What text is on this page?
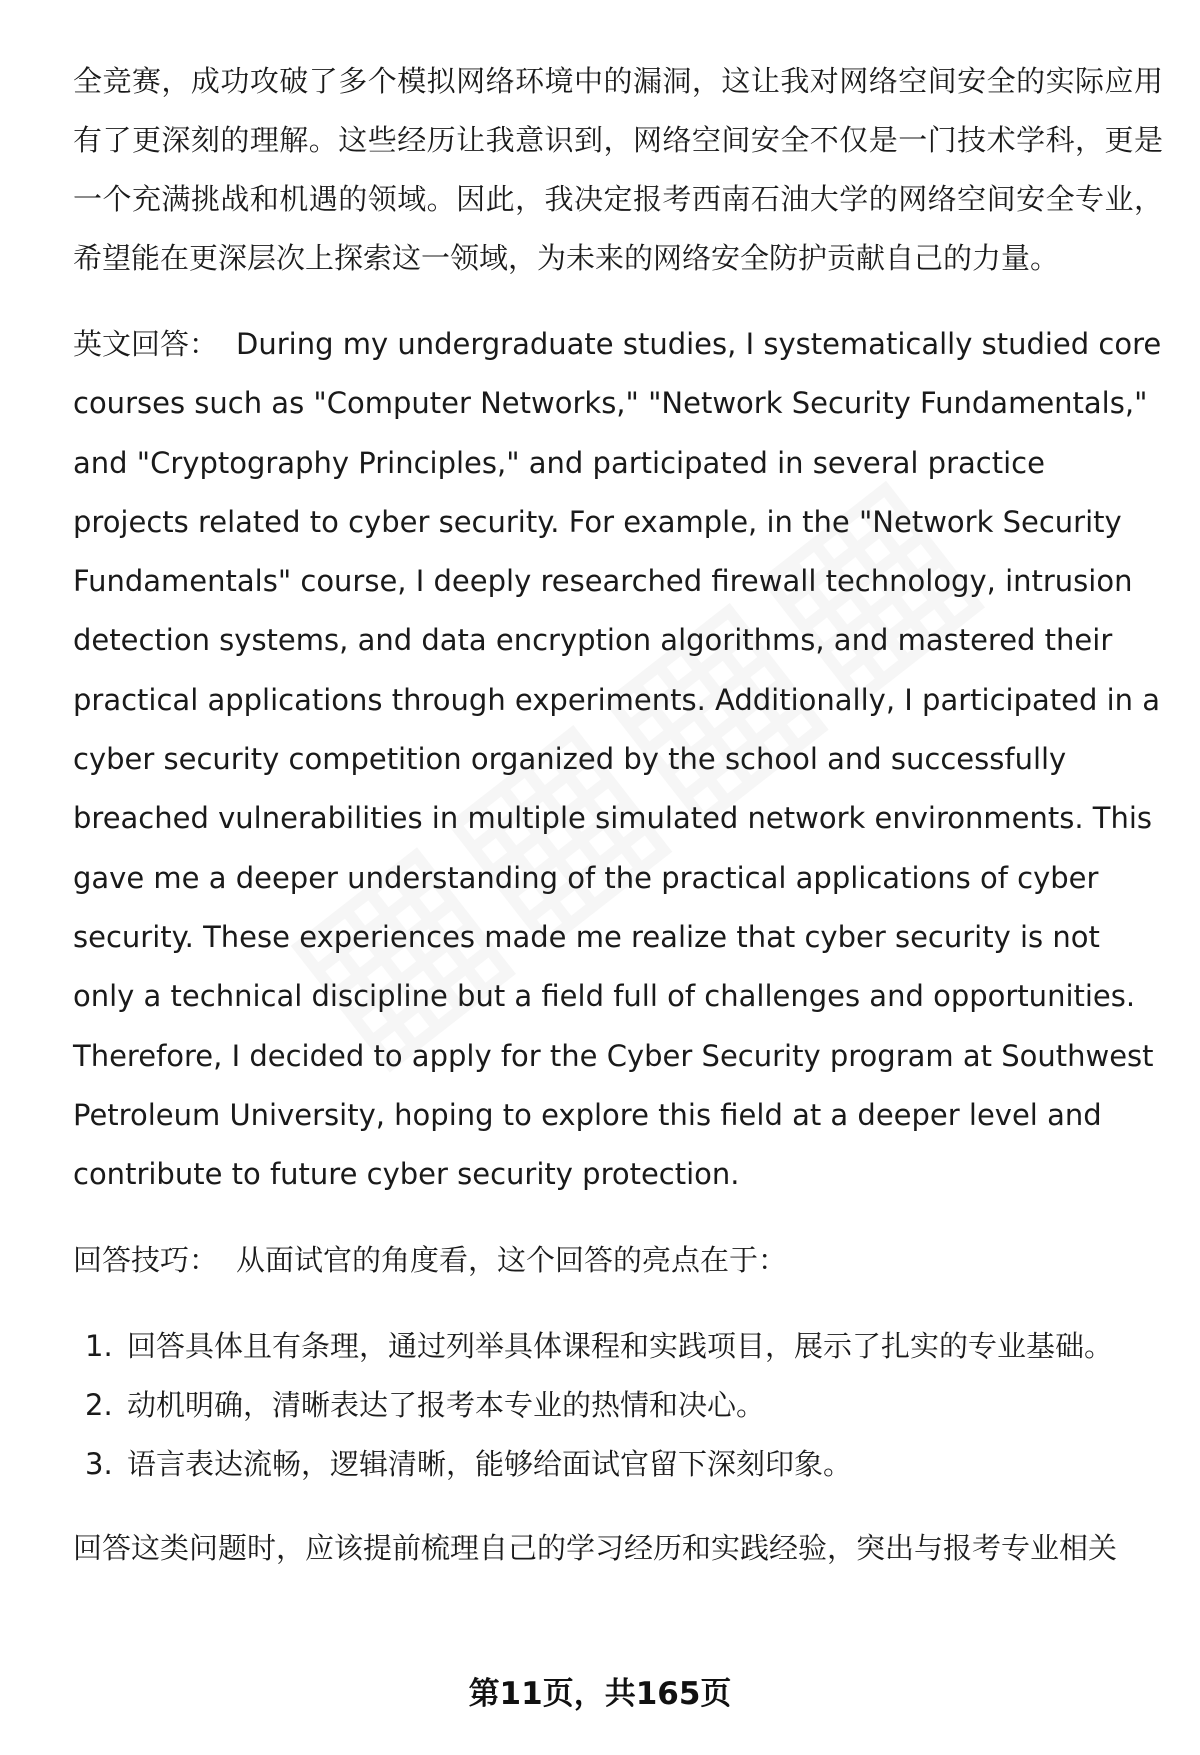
全竞赛，成功攻破了多个模拟网络环境中的漏洞，这让我对网络空间安全的实际应用有了更深刻的理解。这些经历让我意识到，网络空间安全不仅是一门技术学科，更是一个充满挑战和机遇的领域。因此，我决定报考西南石油大学的网络空间安全专业，希望能在更深层次上探索这一领域，为未来的网络安全防护贡献自己的力量。

英文回答： During my undergraduate studies, I systematically studied core courses such as "Computer Networks," "Network Security Fundamentals," and "Cryptography Principles," and participated in several practice projects related to cyber security. For example, in the "Network Security Fundamentals" course, I deeply researched firewall technology, intrusion detection systems, and data encryption algorithms, and mastered their practical applications through experiments. Additionally, I participated in a cyber security competition organized by the school and successfully breached vulnerabilities in multiple simulated network environments. This gave me a deeper understanding of the practical applications of cyber security. These experiences made me realize that cyber security is not only a technical discipline but a field full of challenges and opportunities. Therefore, I decided to apply for the Cyber Security program at Southwest Petroleum University, hoping to explore this field at a deeper level and contribute to future cyber security protection.

回答技巧： 从面试官的角度看，这个回答的亮点在于：

1. 回答具体且有条理，通过列举具体课程和实践项目，展示了扎实的专业基础。
2. 动机明确，清晰表达了报考本专业的热情和决心。
3. 语言表达流畅，逻辑清晰，能够给面试官留下深刻印象。

回答这类问题时，应该提前梳理自己的学习经历和实践经验，突出与报考专业相关

第11页，共165页
